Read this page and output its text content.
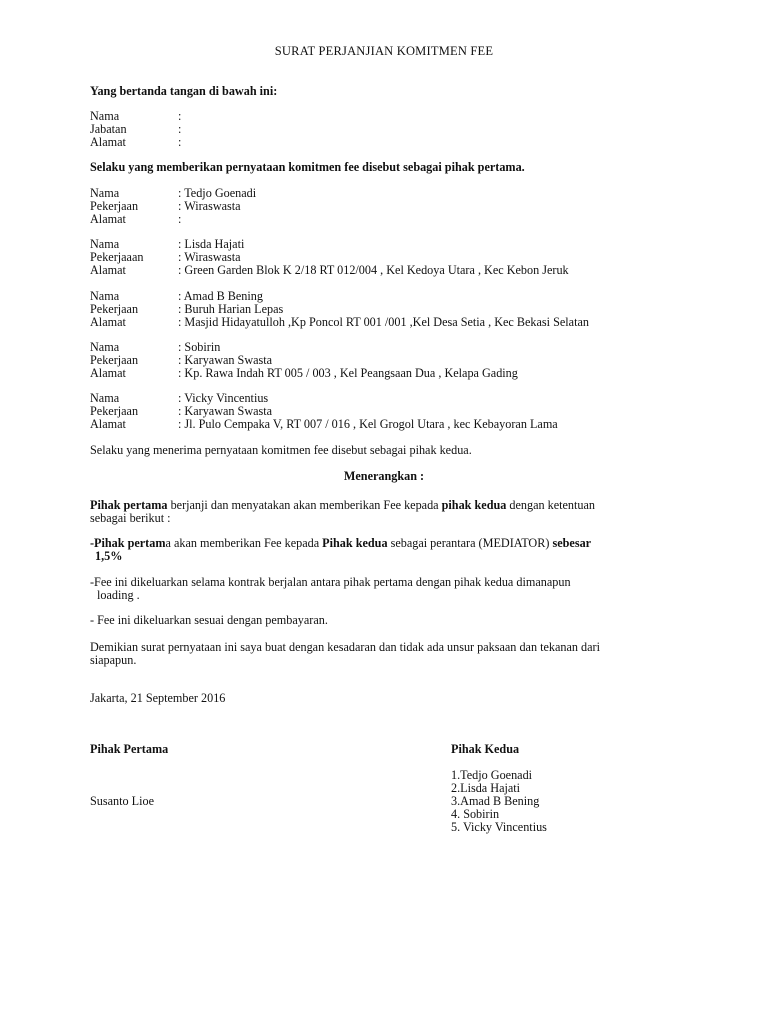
SURAT PERJANJIAN KOMITMEN FEE
Yang bertanda tangan di bawah ini:
Nama	:
Jabatan	:
Alamat	:
Selaku yang memberikan pernyataan komitmen fee disebut sebagai pihak pertama.
Nama	: Tedjo Goenadi
Pekerjaan	: Wiraswasta
Alamat	:
Nama	: Lisda Hajati
Pekerjaaan	: Wiraswasta
Alamat	: Green Garden Blok K 2/18 RT 012/004 , Kel Kedoya Utara , Kec Kebon Jeruk
Nama	: Amad B Bening
Pekerjaan	: Buruh Harian Lepas
Alamat	: Masjid Hidayatulloh ,Kp Poncol RT 001 /001 ,Kel Desa Setia , Kec Bekasi Selatan
Nama	: Sobirin
Pekerjaan	: Karyawan Swasta
Alamat	: Kp. Rawa Indah RT 005 / 003 , Kel Peangsaan Dua , Kelapa Gading
Nama	: Vicky Vincentius
Pekerjaan	: Karyawan Swasta
Alamat	: Jl. Pulo Cempaka V, RT 007 / 016 , Kel Grogol Utara , kec Kebayoran Lama
Selaku yang menerima pernyataan komitmen fee disebut sebagai pihak kedua.
Menerangkan :
Pihak pertama berjanji dan menyatakan akan memberikan Fee kepada pihak kedua dengan ketentuan
sebagai berikut :
-Pihak pertama akan memberikan Fee kepada Pihak kedua sebagai perantara (MEDIATOR) sebesar
1,5%
-Fee ini dikeluarkan selama kontrak berjalan antara pihak pertama dengan pihak kedua dimanapun
loading .
- Fee ini dikeluarkan sesuai dengan pembayaran.
Demikian surat pernyataan ini saya buat dengan kesadaran dan tidak ada unsur paksaan dan tekanan dari
siapapun.
Jakarta, 21 September 2016
Pihak Pertama
Susanto Lioe
Pihak Kedua
1.Tedjo Goenadi
2.Lisda Hajati
3.Amad B Bening
4. Sobirin
5. Vicky Vincentius
